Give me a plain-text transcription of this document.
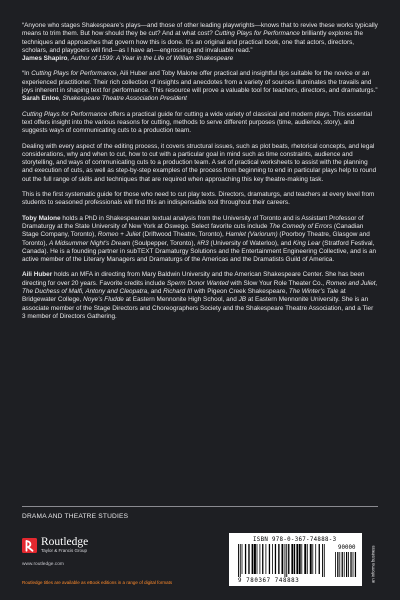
“Anyone who stages Shakespeare’s plays—and those of other leading playwrights—knows that to revive these works typically means to trim them. But how should they be cut? And at what cost? Cutting Plays for Performance brilliantly explores the techniques and approaches that govern how this is done. It’s an original and practical book, one that actors, directors, scholars, and playgoers will find—as I have an—engrossing and invaluable read.”
James Shapiro, Author of 1599: A Year in the Life of William Shakespeare

“In Cutting Plays for Performance, Aili Huber and Toby Malone offer practical and insightful tips suitable for the novice or an experienced practitioner. Their rich collection of insights and anecdotes from a variety of sources illuminates the travails and joys inherent in shaping text for performance. This resource will prove a valuable tool for teachers, directors, and dramaturgs.”
Sarah Enloe, Shakespeare Theatre Association President

Cutting Plays for Performance offers a practical guide for cutting a wide variety of classical and modern plays. This essential text offers insight into the various reasons for cutting, methods to serve different purposes (time, audience, story), and suggests ways of communicating cuts to a production team.

Dealing with every aspect of the editing process, it covers structural issues, such as plot beats, rhetorical concepts, and legal considerations, why and when to cut, how to cut with a particular goal in mind such as time constraints, audience and storytelling, and ways of communicating cuts to a production team. A set of practical worksheets to assist with the planning and execution of cuts, as well as step-by-step examples of the process from beginning to end in particular plays help to round out the full range of skills and techniques that are required when approaching this key theatre-making task.

This is the first systematic guide for those who need to cut play texts. Directors, dramaturgs, and teachers at every level from students to seasoned professionals will find this an indispensable tool throughout their careers.

Toby Malone holds a PhD in Shakespearean textual analysis from the University of Toronto and is Assistant Professor of Dramaturgy at the State University of New York at Oswego. Select favorite cuts include The Comedy of Errors (Canadian Stage Company, Toronto), Romeo + Juliet (Driftwood Theatre, Toronto), Hamlet (Variorum) (Poorboy Theatre, Glasgow and Toronto), A Midsummer Night’s Dream (Soulpepper, Toronto), #R3 (University of Waterloo), and King Lear (Stratford Festival, Canada). He is a founding partner in subTEXT Dramaturgy Solutions and the Entertainment Engineering Collective, and is an active member of the Literary Managers and Dramaturgs of the Americas and the Dramatists Guild of America.

Aili Huber holds an MFA in directing from Mary Baldwin University and the American Shakespeare Center. She has been directing for over 20 years. Favorite credits include Sperm Donor Wanted with Slow Your Role Theater Co., Romeo and Juliet, The Duchess of Malfi, Antony and Cleopatra, and Richard III with Pigeon Creek Shakespeare, The Winter’s Tale at Bridgewater College, Noye’s Fludde at Eastern Mennonite High School, and JB at Eastern Mennonite University. She is an associate member of the Stage Directors and Choreographers Society and the Shakespeare Theatre Association, and a Tier 3 member of Directors Gathering.

DRAMA AND THEATRE STUDIES
Routledge
Taylor & Francis Group
www.routledge.com
Routledge titles are available as eBook editions in a range of digital formats
ISBN 978-0-367-74888-3
90000
9 780367 748883	an informa business
